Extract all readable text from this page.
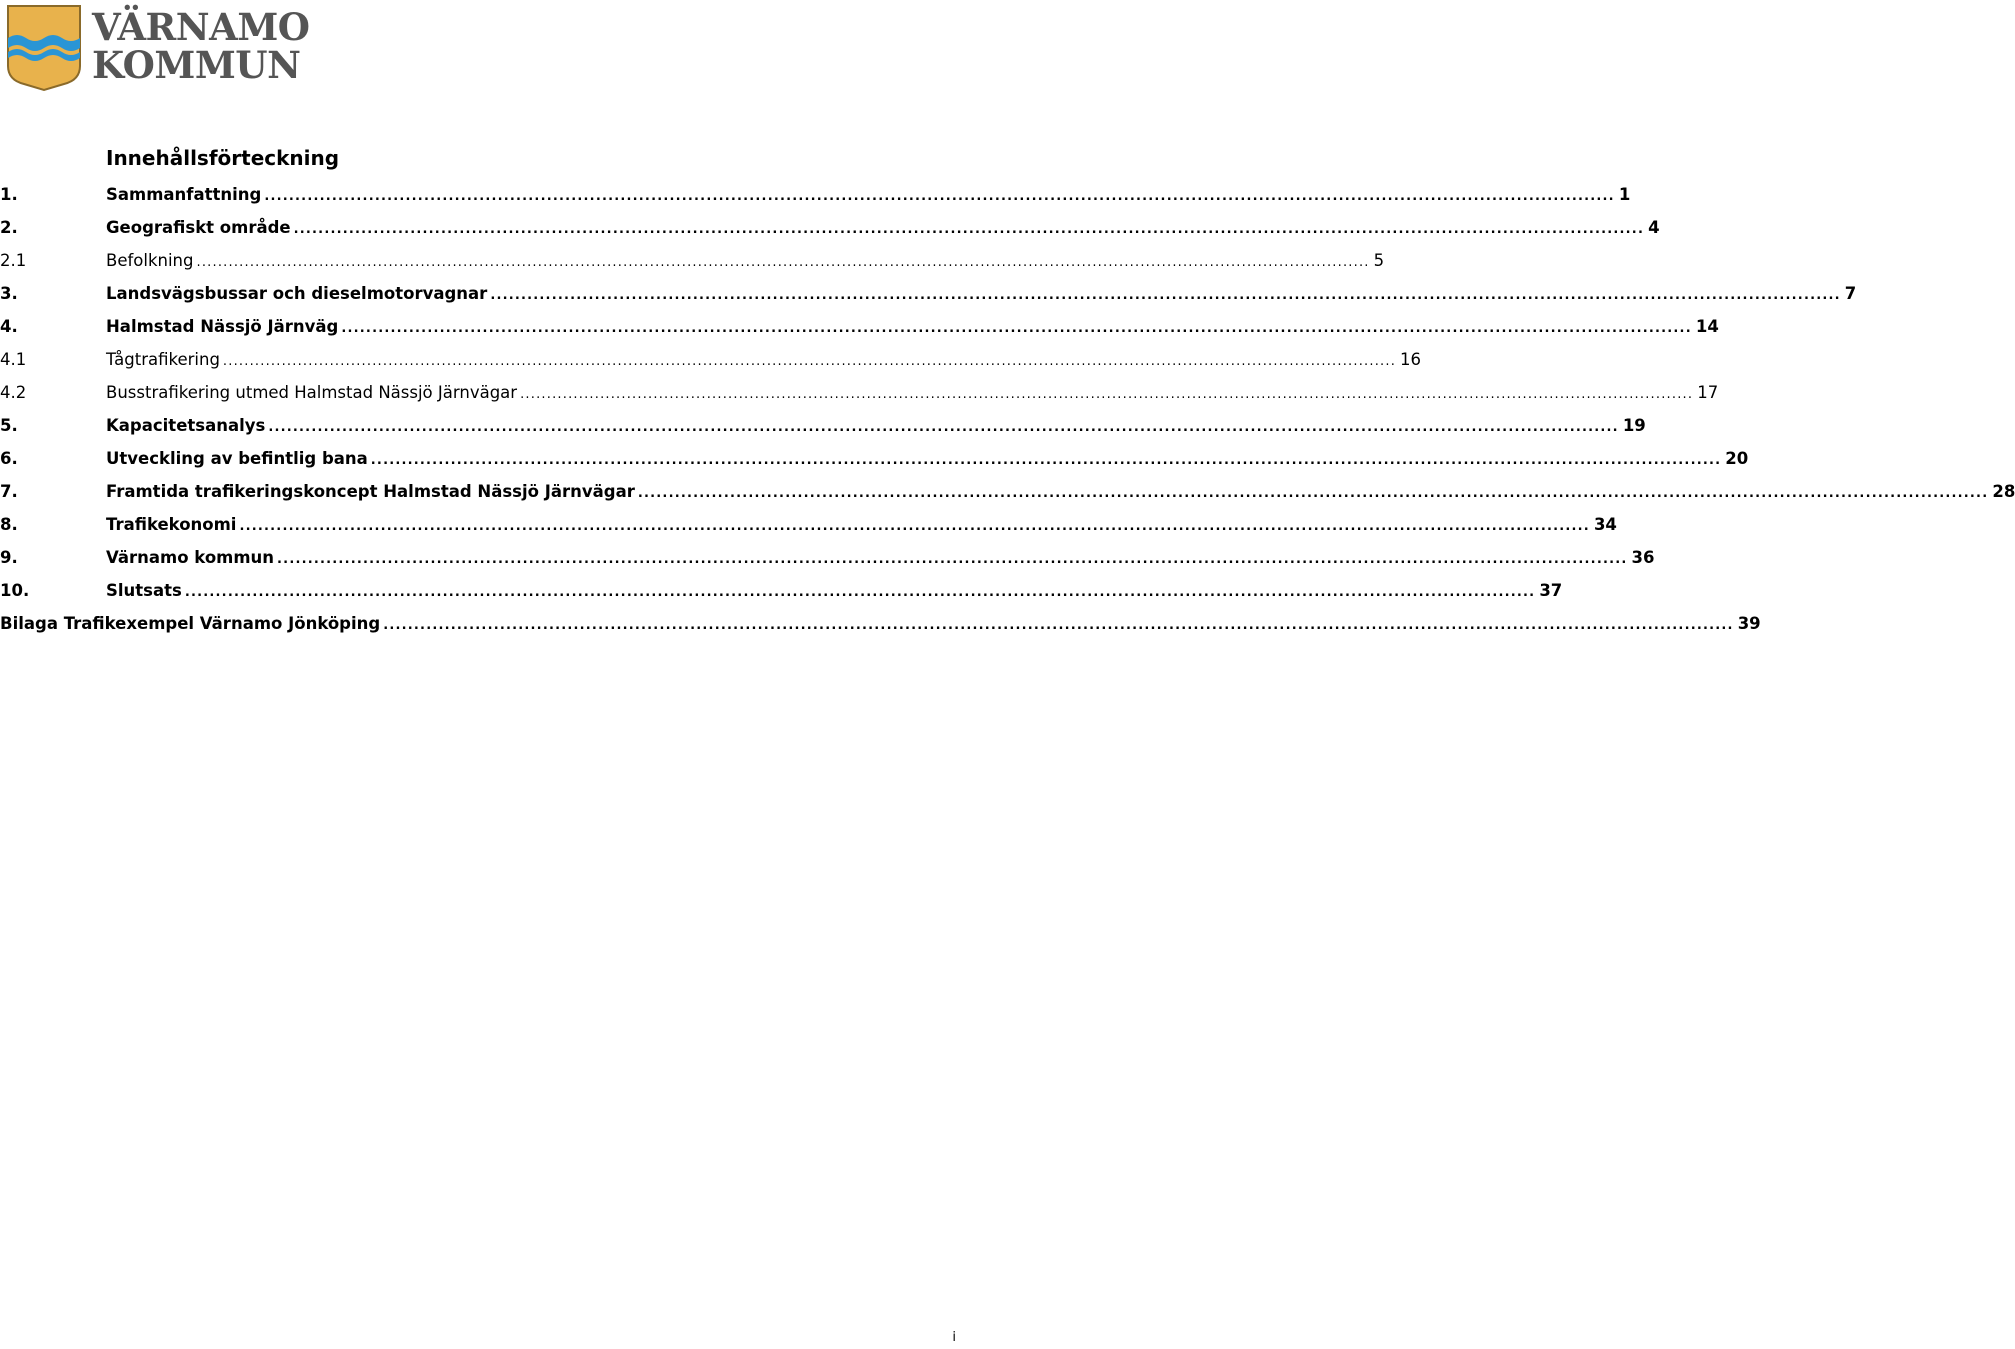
VÄRNAMO
KOMMUN
Innehållsförteckning
1.	Sammanfattning ............................................................................................................................................................................................................................ 1
2.	Geografiskt område ............................................................................................................................................................................................................................ 4
2.1	Befolkning ............................................................................................................................................................................................................................ 5
3.	Landsvägsbussar och dieselmotorvagnar ............................................................................................................................................................................................................................ 7
4.	Halmstad Nässjö Järnväg ............................................................................................................................................................................................................................ 14
4.1	Tågtrafikering ............................................................................................................................................................................................................................ 16
4.2	Busstrafikering utmed Halmstad Nässjö Järnvägar ............................................................................................................................................................................................................................ 17
5.	Kapacitetsanalys ............................................................................................................................................................................................................................ 19
6.	Utveckling av befintlig bana ............................................................................................................................................................................................................................ 20
7.	Framtida trafikeringskoncept Halmstad Nässjö Järnvägar ............................................................................................................................................................................................................................ 28
8.	Trafikekonomi ............................................................................................................................................................................................................................ 34
9.	Värnamo kommun ............................................................................................................................................................................................................................ 36
10.	Slutsats ............................................................................................................................................................................................................................ 37
Bilaga Trafikexempel Värnamo Jönköping ............................................................................................................................................................................................................................ 39
i
